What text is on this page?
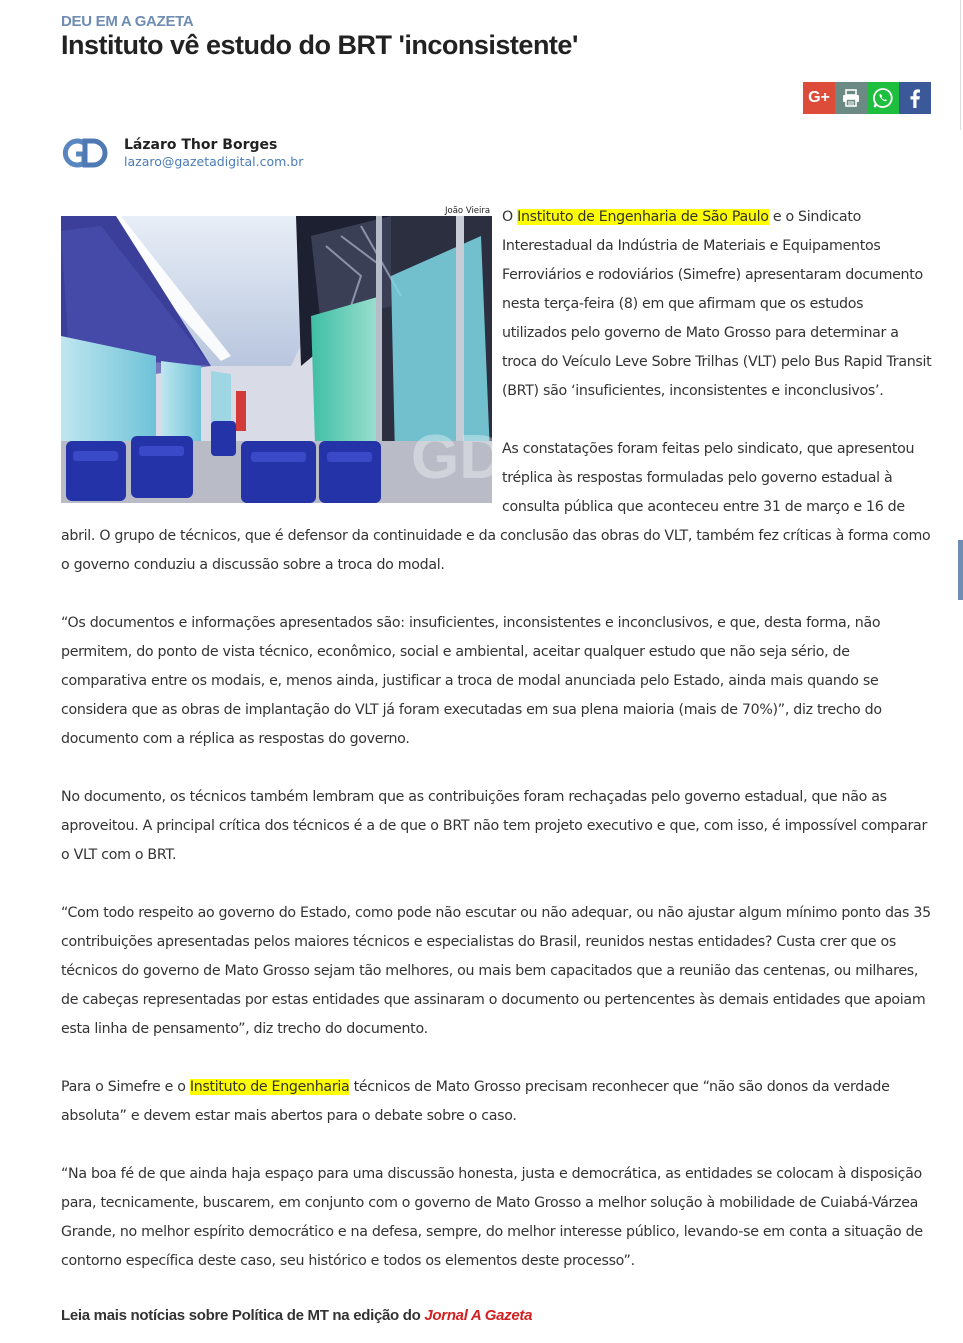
DEU EM A GAZETA
Instituto vê estudo do BRT 'inconsistente'
G+
Lázaro Thor Borges
lazaro@gazetadigital.com.br
João Vieira
GD

O Instituto de Engenharia de São Paulo e o Sindicato Interestadual da Indústria de Materiais e Equipamentos Ferroviários e rodoviários (Simefre) apresentaram documento nesta terça-feira (8) em que afirmam que os estudos utilizados pelo governo de Mato Grosso para determinar a troca do Veículo Leve Sobre Trilhas (VLT) pelo Bus Rapid Transit (BRT) são ‘insuficientes, inconsistentes e inconclusivos’.

As constatações foram feitas pelo sindicato, que apresentou tréplica às respostas formuladas pelo governo estadual à consulta pública que aconteceu entre 31 de março e 16 de abril. O grupo de técnicos, que é defensor da continuidade e da conclusão das obras do VLT, também fez críticas à forma como o governo conduziu a discussão sobre a troca do modal.

“Os documentos e informações apresentados são: insuficientes, inconsistentes e inconclusivos, e que, desta forma, não permitem, do ponto de vista técnico, econômico, social e ambiental, aceitar qualquer estudo que não seja sério, de comparativa entre os modais, e, menos ainda, justificar a troca de modal anunciada pelo Estado, ainda mais quando se considera que as obras de implantação do VLT já foram executadas em sua plena maioria (mais de 70%)”, diz trecho do documento com a réplica as respostas do governo.

No documento, os técnicos também lembram que as contribuições foram rechaçadas pelo governo estadual, que não as aproveitou. A principal crítica dos técnicos é a de que o BRT não tem projeto executivo e que, com isso, é impossível comparar o VLT com o BRT.

“Com todo respeito ao governo do Estado, como pode não escutar ou não adequar, ou não ajustar algum mínimo ponto das 35 contribuições apresentadas pelos maiores técnicos e especialistas do Brasil, reunidos nestas entidades? Custa crer que os técnicos do governo de Mato Grosso sejam tão melhores, ou mais bem capacitados que a reunião das centenas, ou milhares, de cabeças representadas por estas entidades que assinaram o documento ou pertencentes às demais entidades que apoiam esta linha de pensamento”, diz trecho do documento.

Para o Simefre e o Instituto de Engenharia técnicos de Mato Grosso precisam reconhecer que “não são donos da verdade absoluta” e devem estar mais abertos para o debate sobre o caso.

“Na boa fé de que ainda haja espaço para uma discussão honesta, justa e democrática, as entidades se colocam à disposição para, tecnicamente, buscarem, em conjunto com o governo de Mato Grosso a melhor solução à mobilidade de Cuiabá-Várzea Grande, no melhor espírito democrático e na defesa, sempre, do melhor interesse público, levando-se em conta a situação de contorno específica deste caso, seu histórico e todos os elementos deste processo”.

Leia mais notícias sobre Política de MT na edição do Jornal A Gazeta
